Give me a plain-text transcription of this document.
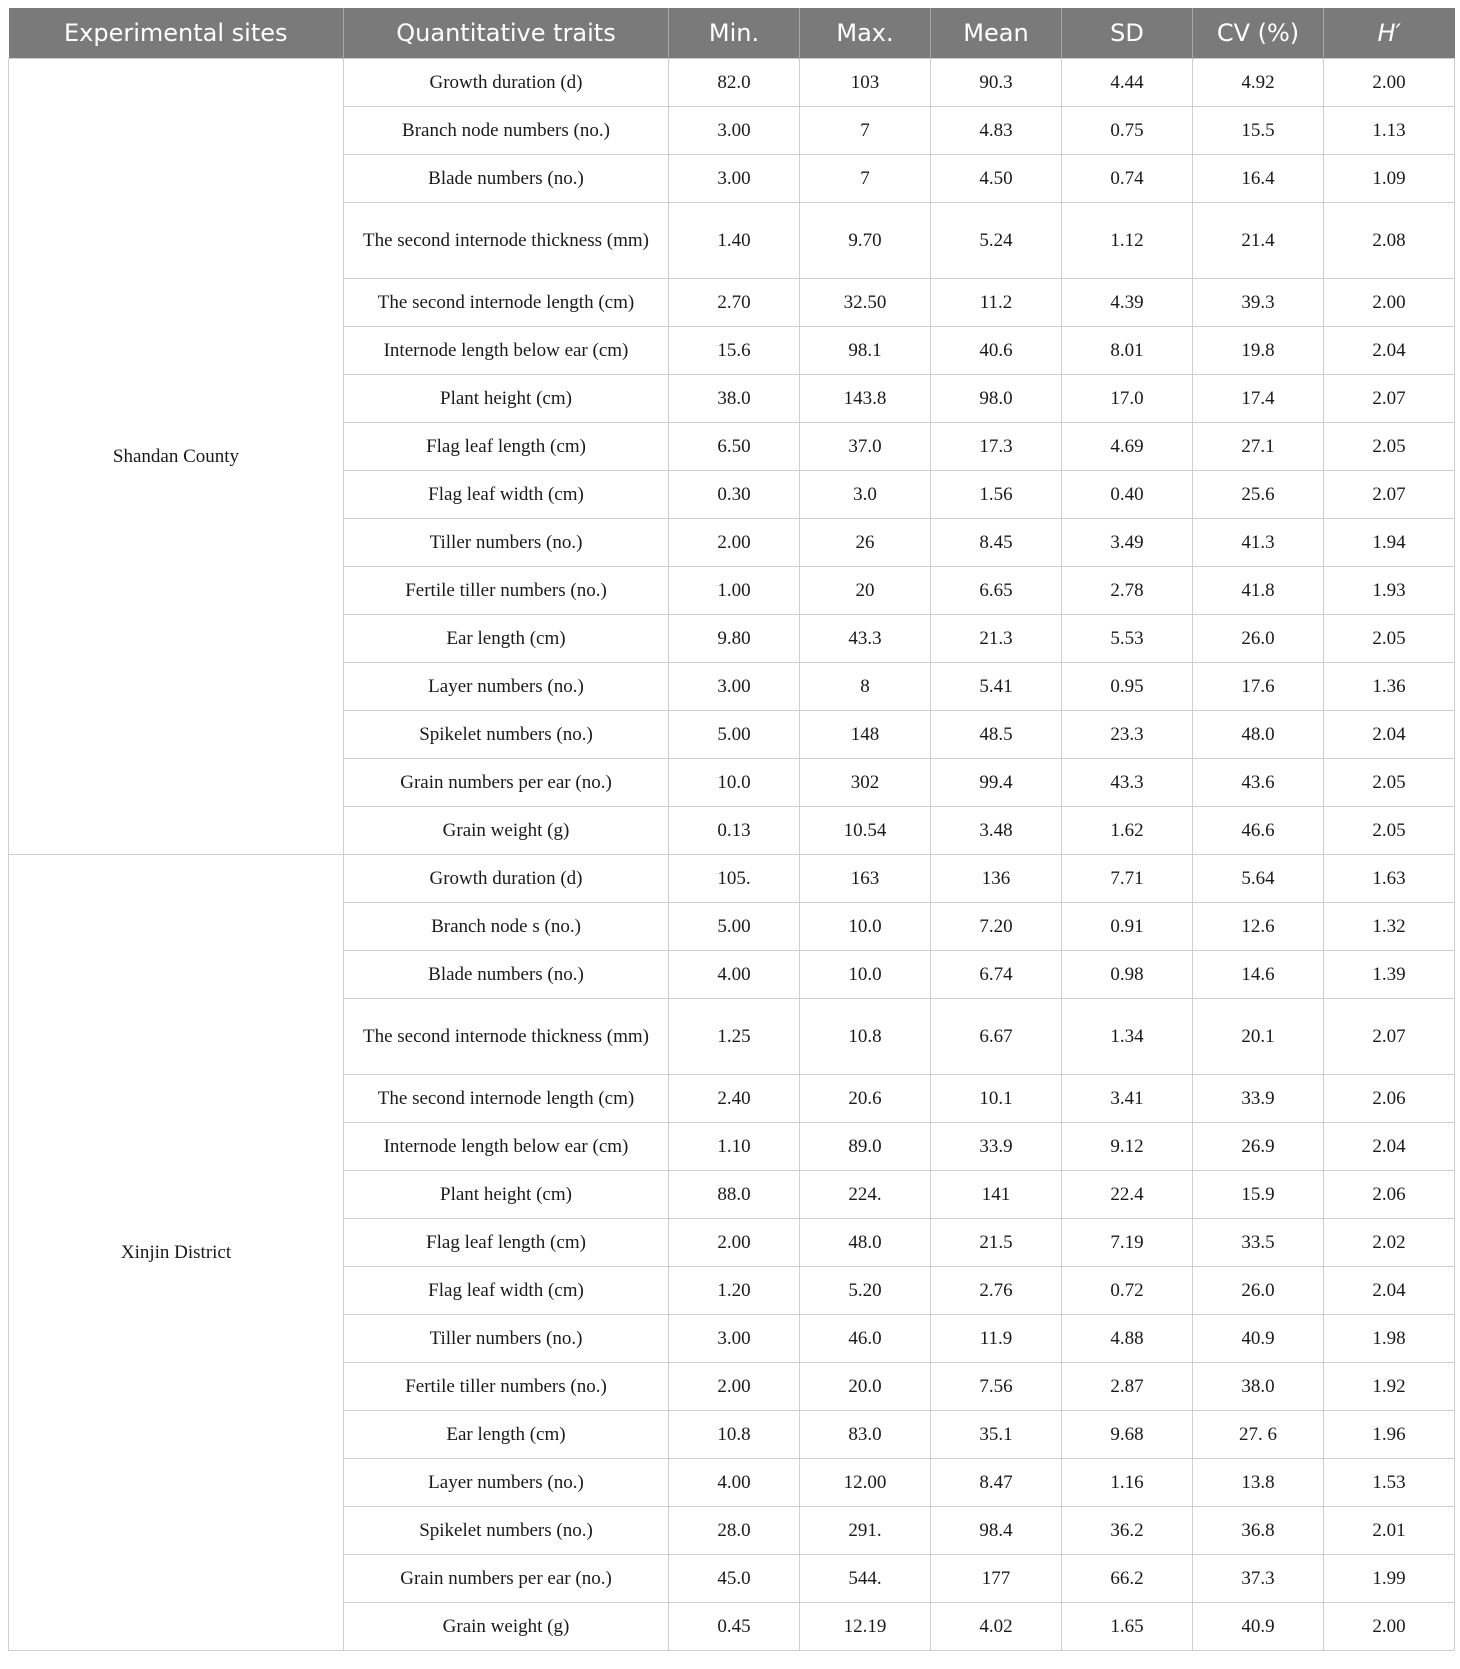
Experimental sites	Quantitative traits	Min.	Max.	Mean	SD	CV (%)	H′
Shandan County	Growth duration (d)	82.0	103	90.3	4.44	4.92	2.00
	Branch node numbers (no.)	3.00	7	4.83	0.75	15.5	1.13
	Blade numbers (no.)	3.00	7	4.50	0.74	16.4	1.09
	The second internode thickness (mm)	1.40	9.70	5.24	1.12	21.4	2.08
	The second internode length (cm)	2.70	32.50	11.2	4.39	39.3	2.00
	Internode length below ear (cm)	15.6	98.1	40.6	8.01	19.8	2.04
	Plant height (cm)	38.0	143.8	98.0	17.0	17.4	2.07
	Flag leaf length (cm)	6.50	37.0	17.3	4.69	27.1	2.05
	Flag leaf width (cm)	0.30	3.0	1.56	0.40	25.6	2.07
	Tiller numbers (no.)	2.00	26	8.45	3.49	41.3	1.94
	Fertile tiller numbers (no.)	1.00	20	6.65	2.78	41.8	1.93
	Ear length (cm)	9.80	43.3	21.3	5.53	26.0	2.05
	Layer numbers (no.)	3.00	8	5.41	0.95	17.6	1.36
	Spikelet numbers (no.)	5.00	148	48.5	23.3	48.0	2.04
	Grain numbers per ear (no.)	10.0	302	99.4	43.3	43.6	2.05
	Grain weight (g)	0.13	10.54	3.48	1.62	46.6	2.05
Xinjin District	Growth duration (d)	105.	163	136	7.71	5.64	1.63
	Branch node s (no.)	5.00	10.0	7.20	0.91	12.6	1.32
	Blade numbers (no.)	4.00	10.0	6.74	0.98	14.6	1.39
	The second internode thickness (mm)	1.25	10.8	6.67	1.34	20.1	2.07
	The second internode length (cm)	2.40	20.6	10.1	3.41	33.9	2.06
	Internode length below ear (cm)	1.10	89.0	33.9	9.12	26.9	2.04
	Plant height (cm)	88.0	224.	141	22.4	15.9	2.06
	Flag leaf length (cm)	2.00	48.0	21.5	7.19	33.5	2.02
	Flag leaf width (cm)	1.20	5.20	2.76	0.72	26.0	2.04
	Tiller numbers (no.)	3.00	46.0	11.9	4.88	40.9	1.98
	Fertile tiller numbers (no.)	2.00	20.0	7.56	2.87	38.0	1.92
	Ear length (cm)	10.8	83.0	35.1	9.68	27. 6	1.96
	Layer numbers (no.)	4.00	12.00	8.47	1.16	13.8	1.53
	Spikelet numbers (no.)	28.0	291.	98.4	36.2	36.8	2.01
	Grain numbers per ear (no.)	45.0	544.	177	66.2	37.3	1.99
	Grain weight (g)	0.45	12.19	4.02	1.65	40.9	2.00
